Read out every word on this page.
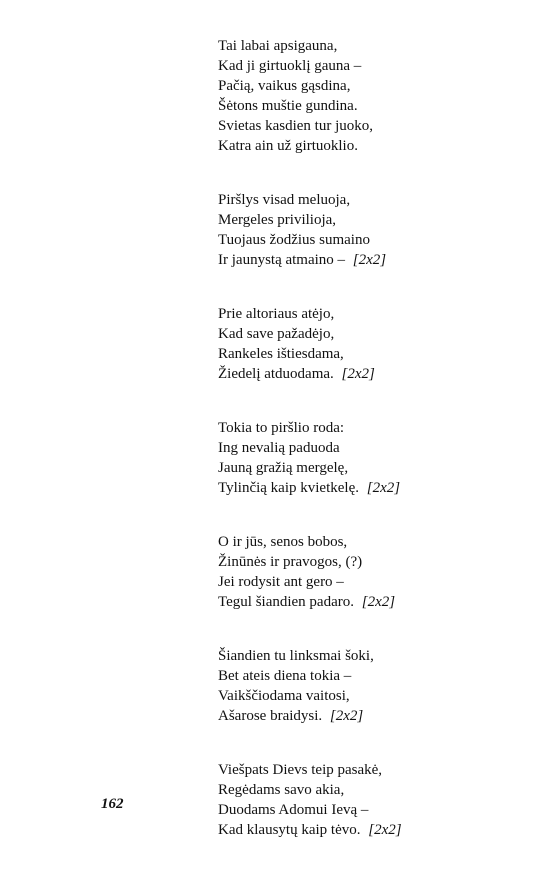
Tai labai apsigauna,
Kad ji girtuoklį gauna –
Pačią, vaikus gąsdina,
Šėtons muštie gundina.
Svietas kasdien tur juoko,
Katra ain už girtuoklio.
Piršlys visad meluoja,
Mergeles privilioja,
Tuojaus žodžius sumaino
Ir jaunystą atmaino – [2x2]
Prie altoriaus atėjo,
Kad save pažadėjo,
Rankeles ištiesdama,
Žiedelį atduodama. [2x2]
Tokia to piršlio roda:
Ing nevalią paduoda
Jauną gražią mergelę,
Tylinčią kaip kvietkelę. [2x2]
O ir jūs, senos bobos,
Žinūnės ir pravogos, (?)
Jei rodysit ant gero –
Tegul šiandien padaro. [2x2]
Šiandien tu linksmai šoki,
Bet ateis diena tokia –
Vaikščiodama vaitosi,
Ašarose braidysi. [2x2]
Viešpats Dievs teip pasakė,
Regėdams savo akia,
Duodams Adomui Ievą –
Kad klausytų kaip tėvo. [2x2]
162
